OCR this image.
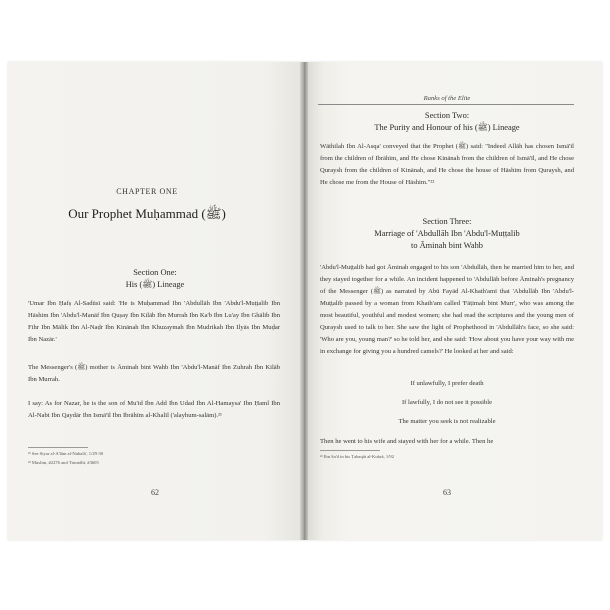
CHAPTER ONE
Our Prophet Muḥammad (ﷺ)
Section One:
His (ﷺ) Lineage
'Umar Ibn Ḥafṣ Al-Sadūsī said: 'He is Muḥammad Ibn 'Abdullāh Ibn 'Abdu'l-Muṭṭalib Ibn Hāshim Ibn 'Abdu'l-Manāf Ibn Quṣay Ibn Kilāb Ibn Murrah Ibn Ka'b Ibn Lu'ay Ibn Ghālib Ibn Fihr Ibn Mālik Ibn Al-Naḍr Ibn Kinānah Ibn Khuzaymah Ibn Mudrikah Ibn Ilyās Ibn Muḍar Ibn Nazār.'
The Messenger's (ﷺ) mother is Āminah bint Wahb Ibn 'Abdu'l-Manāf Ibn Zuhrah Ibn Kilāb Ibn Murrah.
I say: As for Nazar, he is the son of Mu'id Ibn Add Ibn Udad Ibn Al-Hamaysa' Ibn Ḥaml Ibn Al-Nabt Ibn Qaydār Ibn Ismā'īl Ibn Ibrāhīm al-Khalīl ('alayhum-salām).²¹
²¹ See Siyar al-A'lām al-Nubalā', 1/29-30
²² Muslim, #2276 and Tirmidhī, #3605
62
Ranks of the Elite
Section Two:
The Purity and Honour of his (ﷺ) Lineage
Wāthilah Ibn Al-Asqa' conveyed that the Prophet (ﷺ) said: "Indeed Allāh has chosen Ismā'īl from the children of Ibrāhīm, and He chose Kinānah from the children of Ismā'īl, and He chose Quraysh from the children of Kinānah, and He chose the house of Hāshim from Quraysh, and He chose me from the House of Hāshim."²²
Section Three:
Marriage of 'Abdullāh Ibn 'Abdu'l-Muṭṭalib
to Āminah bint Wahb
'Abdu'l-Muṭṭalib had got Āminah engaged to his son 'Abdullāh, then he married him to her, and they stayed together for a while. An incident happened to 'Abdullāh before Āminah's pregnancy of the Messenger (ﷺ) as narrated by Abū Fayād Al-Khath'amī that 'Abdullāh Ibn 'Abdu'l-Muṭṭalib passed by a woman from Khath'am called 'Fāṭimah bint Murr', who was among the most beautiful, youthful and modest women; she had read the scriptures and the young men of Quraysh used to talk to her. She saw the light of Prophethood in 'Abdullāh's face, so she said: 'Who are you, young man?' so he told her, and she said: 'How about you have your way with me in exchange for giving you a hundred camels?' He looked at her and said:
If unlawfully, I prefer death
If lawfully, I do not see it possible
The matter you seek is not realizable
Then he went to his wife and stayed with her for a while. Then he
²³ Ibn Sa'd in his Ṭabaqāt al-Kubrā, 1/92
63
